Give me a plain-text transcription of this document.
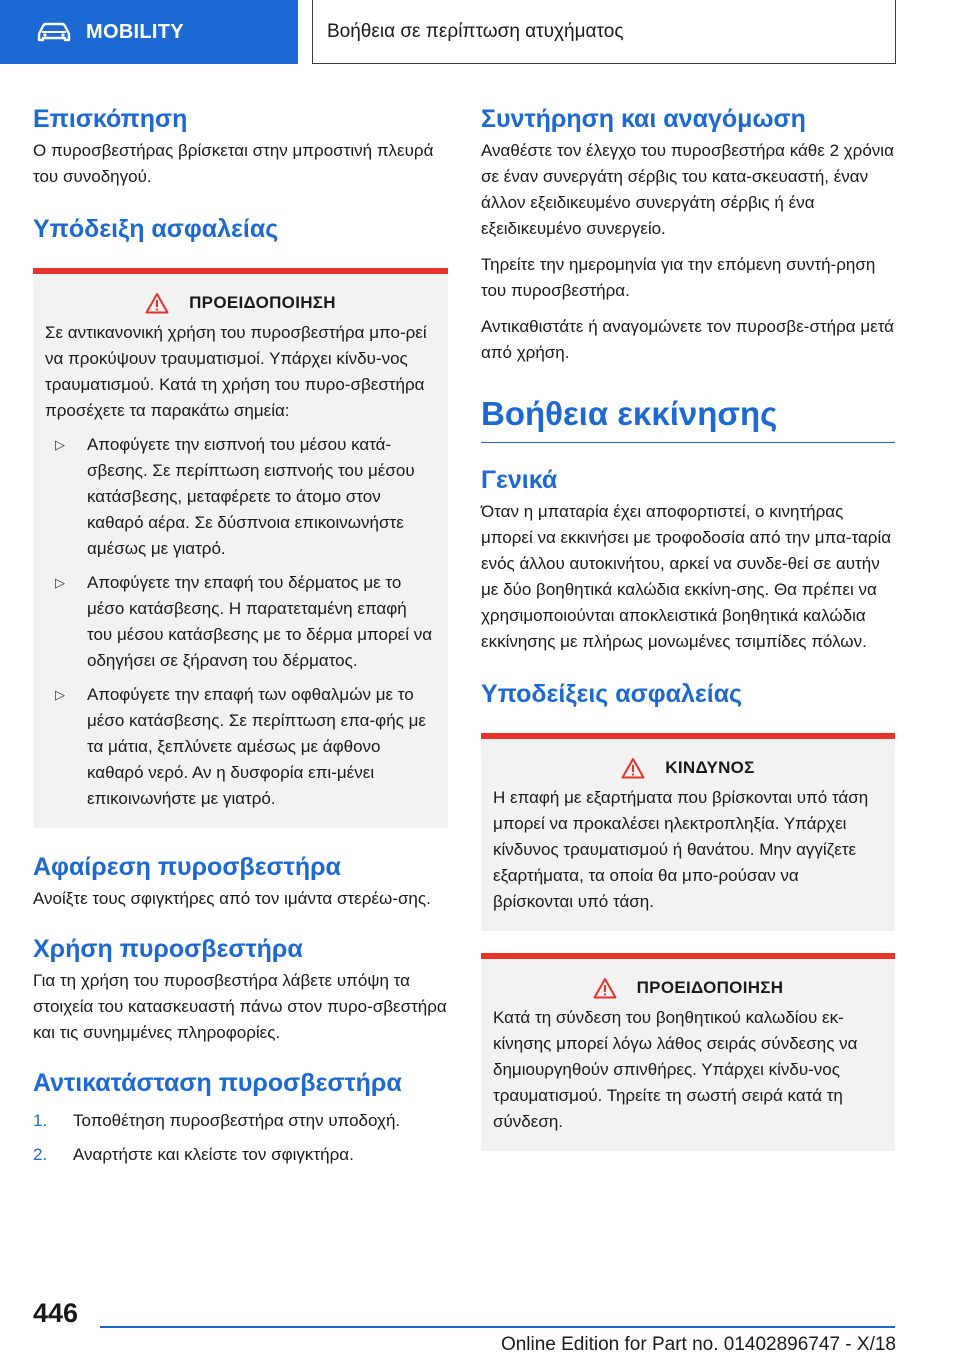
MOBILITY	Βοήθεια σε περίπτωση ατυχήματος
Επισκόπηση

Ο πυροσβεστήρας βρίσκεται στην μπροστινή πλευρά του συνοδηγού.

Υπόδειξη ασφαλείας
ΠΡΟΕΙΔΟΠΟΙΗΣΗ

Σε αντικανονική χρήση του πυροσβεστήρα μπο-ρεί να προκύψουν τραυματισμοί. Υπάρχει κίνδυ-νος τραυματισμού. Κατά τη χρήση του πυρο-σβεστήρα προσέχετε τα παρακάτω σημεία:

▷	Αποφύγετε την εισπνοή του μέσου κατά-σβεσης. Σε περίπτωση εισπνοής του μέσου κατάσβεσης, μεταφέρετε το άτομο στον καθαρό αέρα. Σε δύσπνοια επικοινωνήστε αμέσως με γιατρό.
▷	Αποφύγετε την επαφή του δέρματος με το μέσο κατάσβεσης. Η παρατεταμένη επαφή του μέσου κατάσβεσης με το δέρμα μπορεί να οδηγήσει σε ξήρανση του δέρματος.
▷	Αποφύγετε την επαφή των οφθαλμών με το μέσο κατάσβεσης. Σε περίπτωση επα-φής με τα μάτια, ξεπλύνετε αμέσως με άφθονο καθαρό νερό. Αν η δυσφορία επι-μένει επικοινωνήστε με γιατρό.
Αφαίρεση πυροσβεστήρα

Ανοίξτε τους σφιγκτήρες από τον ιμάντα στερέω-σης.

Χρήση πυροσβεστήρα

Για τη χρήση του πυροσβεστήρα λάβετε υπόψη τα στοιχεία του κατασκευαστή πάνω στον πυρο-σβεστήρα και τις συνημμένες πληροφορίες.

Αντικατάσταση πυροσβεστήρα
1.	Τοποθέτηση πυροσβεστήρα στην υποδοχή.
2.	Αναρτήστε και κλείστε τον σφιγκτήρα.
Συντήρηση και αναγόμωση

Αναθέστε τον έλεγχο του πυροσβεστήρα κάθε 2 χρόνια σε έναν συνεργάτη σέρβις του κατα-σκευαστή, έναν άλλον εξειδικευμένο συνεργάτη σέρβις ή ένα εξειδικευμένο συνεργείο.

Τηρείτε την ημερομηνία για την επόμενη συντή-ρηση του πυροσβεστήρα.

Αντικαθιστάτε ή αναγομώνετε τον πυροσβε-στήρα μετά από χρήση.

Βοήθεια εκκίνησης
Γενικά

Όταν η μπαταρία έχει αποφορτιστεί, ο κινητήρας μπορεί να εκκινήσει με τροφοδοσία από την μπα-ταρία ενός άλλου αυτοκινήτου, αρκεί να συνδε-θεί σε αυτήν με δύο βοηθητικά καλώδια εκκίνη-σης. Θα πρέπει να χρησιμοποιούνται αποκλειστικά βοηθητικά καλώδια εκκίνησης με πλήρως μονωμένες τσιμπίδες πόλων.

Υποδείξεις ασφαλείας
ΚΙΝΔΥΝΟΣ

Η επαφή με εξαρτήματα που βρίσκονται υπό τάση μπορεί να προκαλέσει ηλεκτροπληξία. Υπάρχει κίνδυνος τραυματισμού ή θανάτου. Μην αγγίζετε εξαρτήματα, τα οποία θα μπο-ρούσαν να βρίσκονται υπό τάση.

ΠΡΟΕΙΔΟΠΟΙΗΣΗ

Κατά τη σύνδεση του βοηθητικού καλωδίου εκ-κίνησης μπορεί λόγω λάθος σειράς σύνδεσης να δημιουργηθούν σπινθήρες. Υπάρχει κίνδυ-νος τραυματισμού. Τηρείτε τη σωστή σειρά κατά τη σύνδεση.

446
Online Edition for Part no. 01402896747 - X/18
